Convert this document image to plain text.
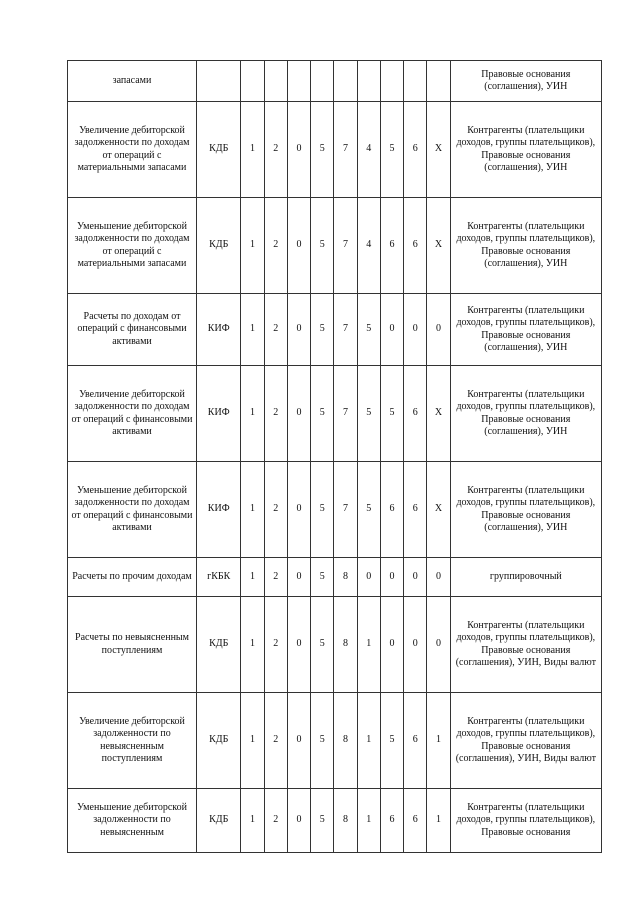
запасами											Правовые основания (соглашения), УИН
Увеличение дебиторской задолженности по доходам от операций с материальными запасами	КДБ	1	2	0	5	7	4	5	6	X	Контрагенты (плательщики доходов, группы плательщиков), Правовые основания (соглашения), УИН
Уменьшение дебиторской задолженности по доходам от операций с материальными запасами	КДБ	1	2	0	5	7	4	6	6	X	Контрагенты (плательщики доходов, группы плательщиков), Правовые основания (соглашения), УИН
Расчеты по доходам от операций с финансовыми активами	КИФ	1	2	0	5	7	5	0	0	0	Контрагенты (плательщики доходов, группы плательщиков), Правовые основания (соглашения), УИН
Увеличение дебиторской задолженности по доходам от операций с финансовыми активами	КИФ	1	2	0	5	7	5	5	6	X	Контрагенты (плательщики доходов, группы плательщиков), Правовые основания (соглашения), УИН
Уменьшение дебиторской задолженности по доходам от операций с финансовыми активами	КИФ	1	2	0	5	7	5	6	6	X	Контрагенты (плательщики доходов, группы плательщиков), Правовые основания (соглашения), УИН
Расчеты по прочим доходам	гКБК	1	2	0	5	8	0	0	0	0	группировочный
Расчеты по невыясненным поступлениям	КДБ	1	2	0	5	8	1	0	0	0	Контрагенты (плательщики доходов, группы плательщиков), Правовые основания (соглашения), УИН, Виды валют
Увеличение дебиторской задолженности по невыясненным поступлениям	КДБ	1	2	0	5	8	1	5	6	1	Контрагенты (плательщики доходов, группы плательщиков), Правовые основания (соглашения), УИН, Виды валют
Уменьшение дебиторской задолженности по невыясненным	КДБ	1	2	0	5	8	1	6	6	1	Контрагенты (плательщики доходов, группы плательщиков), Правовые основания
